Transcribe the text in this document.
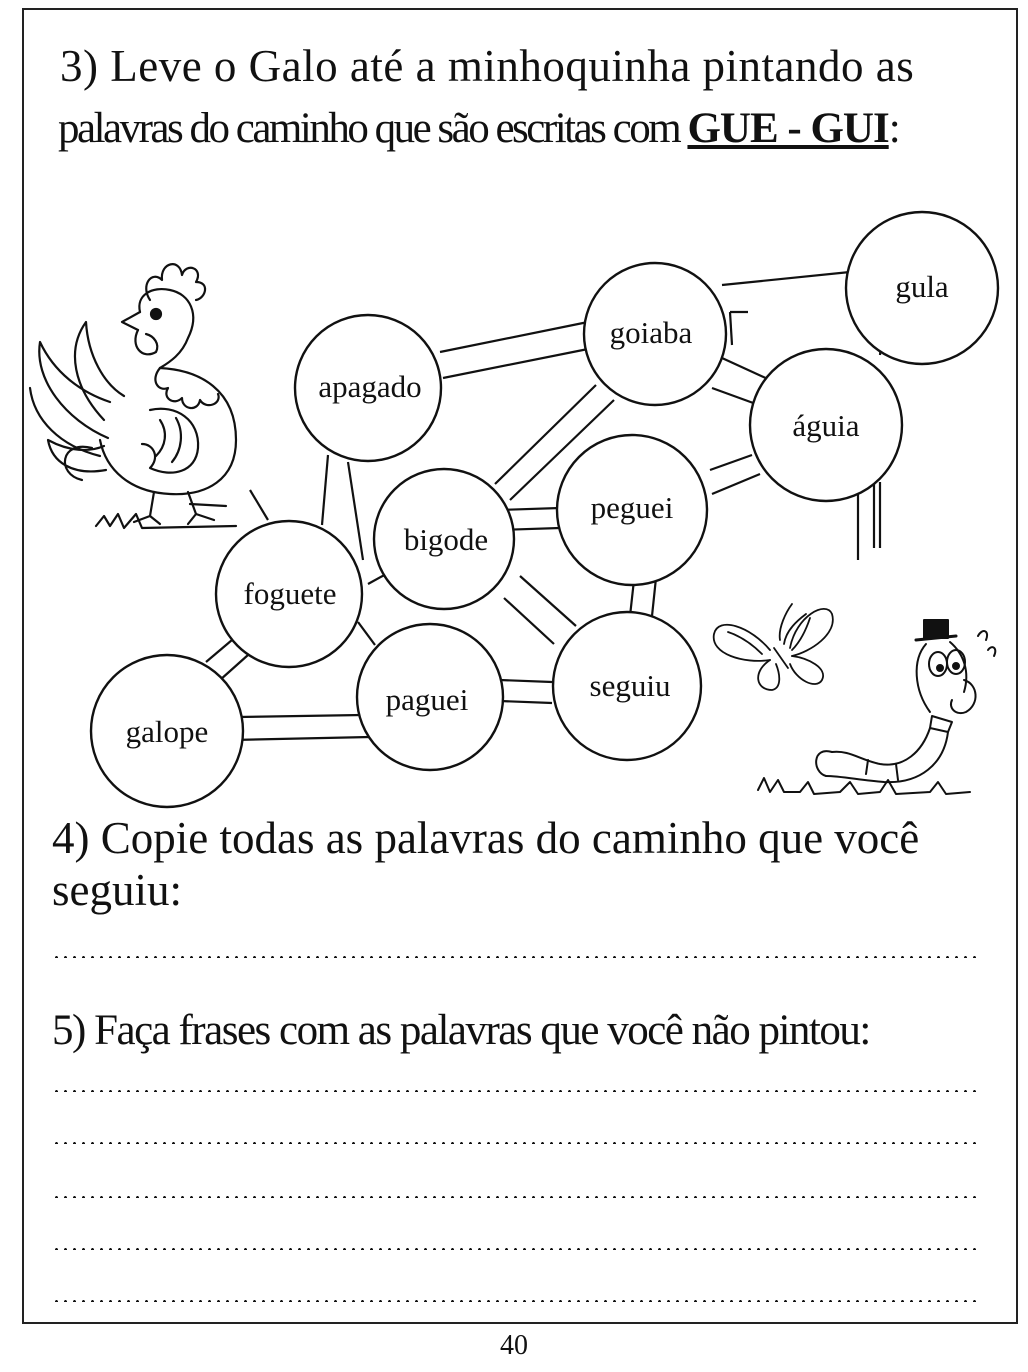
3) Leve o Galo até a minhoquinha pintando as
palavras do caminho que são escritas com GUE - GUI:
gula
goiaba
apagado
águia
peguei
bigode
foguete
seguiu
paguei
galope
4) Copie todas as palavras do caminho que você seguiu:
5) Faça frases com as palavras que você não pintou:
40
